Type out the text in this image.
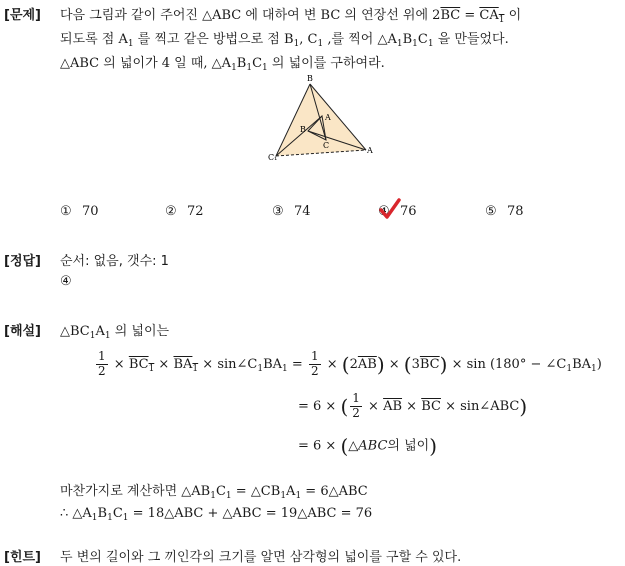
[문제] 다음 그림과 같이 주어진 △ABC 에 대하여 변 BC 의 연장선 위에 $2\overline{BC} = CA_1$ 이
되도록 점 $A_1$ 를 찍고 같은 방법으로 점 $B_1$, $C_1$ ,를 찍어 $\triangle A_1B_1C_1$ 을 만들었다.
△ABC 의 넓이가 4 일 때, $\triangle A_1B_1C_1$ 의 넓이를 구하여라.
B
A
B
C
C₁
A
① 70	② 72	③ 74	④ 76	⑤ 78
[정답] 순서: 없음, 갯수: 1
④
[해설] $\triangle BC_1A_1$ 의 넓이는
$\frac{1}{2} \times BC_1 \times BA_1$ × $\sin\angle C_1BA_1 = \frac{1}{2} \times (2\overline{AB}) \times (3\overline{BC}) \times \sin (180^\circ$ − $\angle C_1BA_1$)
= 6 × ( $\frac{1}{2} \times \overline{AB} \times \overline{BC}$ × sin∠ABC)
= 6 × (△ABC의 넓이)
마찬가지로 계산하면 $\triangle AB_1C_1$ = $\triangle CB_1A_1$ = 6△ABC
∴ $\triangle A_1B_1C_1$ = 18△ABC + △ABC = 19△ABC = 76
[힌트] 두 변의 길이와 그 끼인각의 크기를 알면 삼각형의 넓이를 구할 수 있다.
